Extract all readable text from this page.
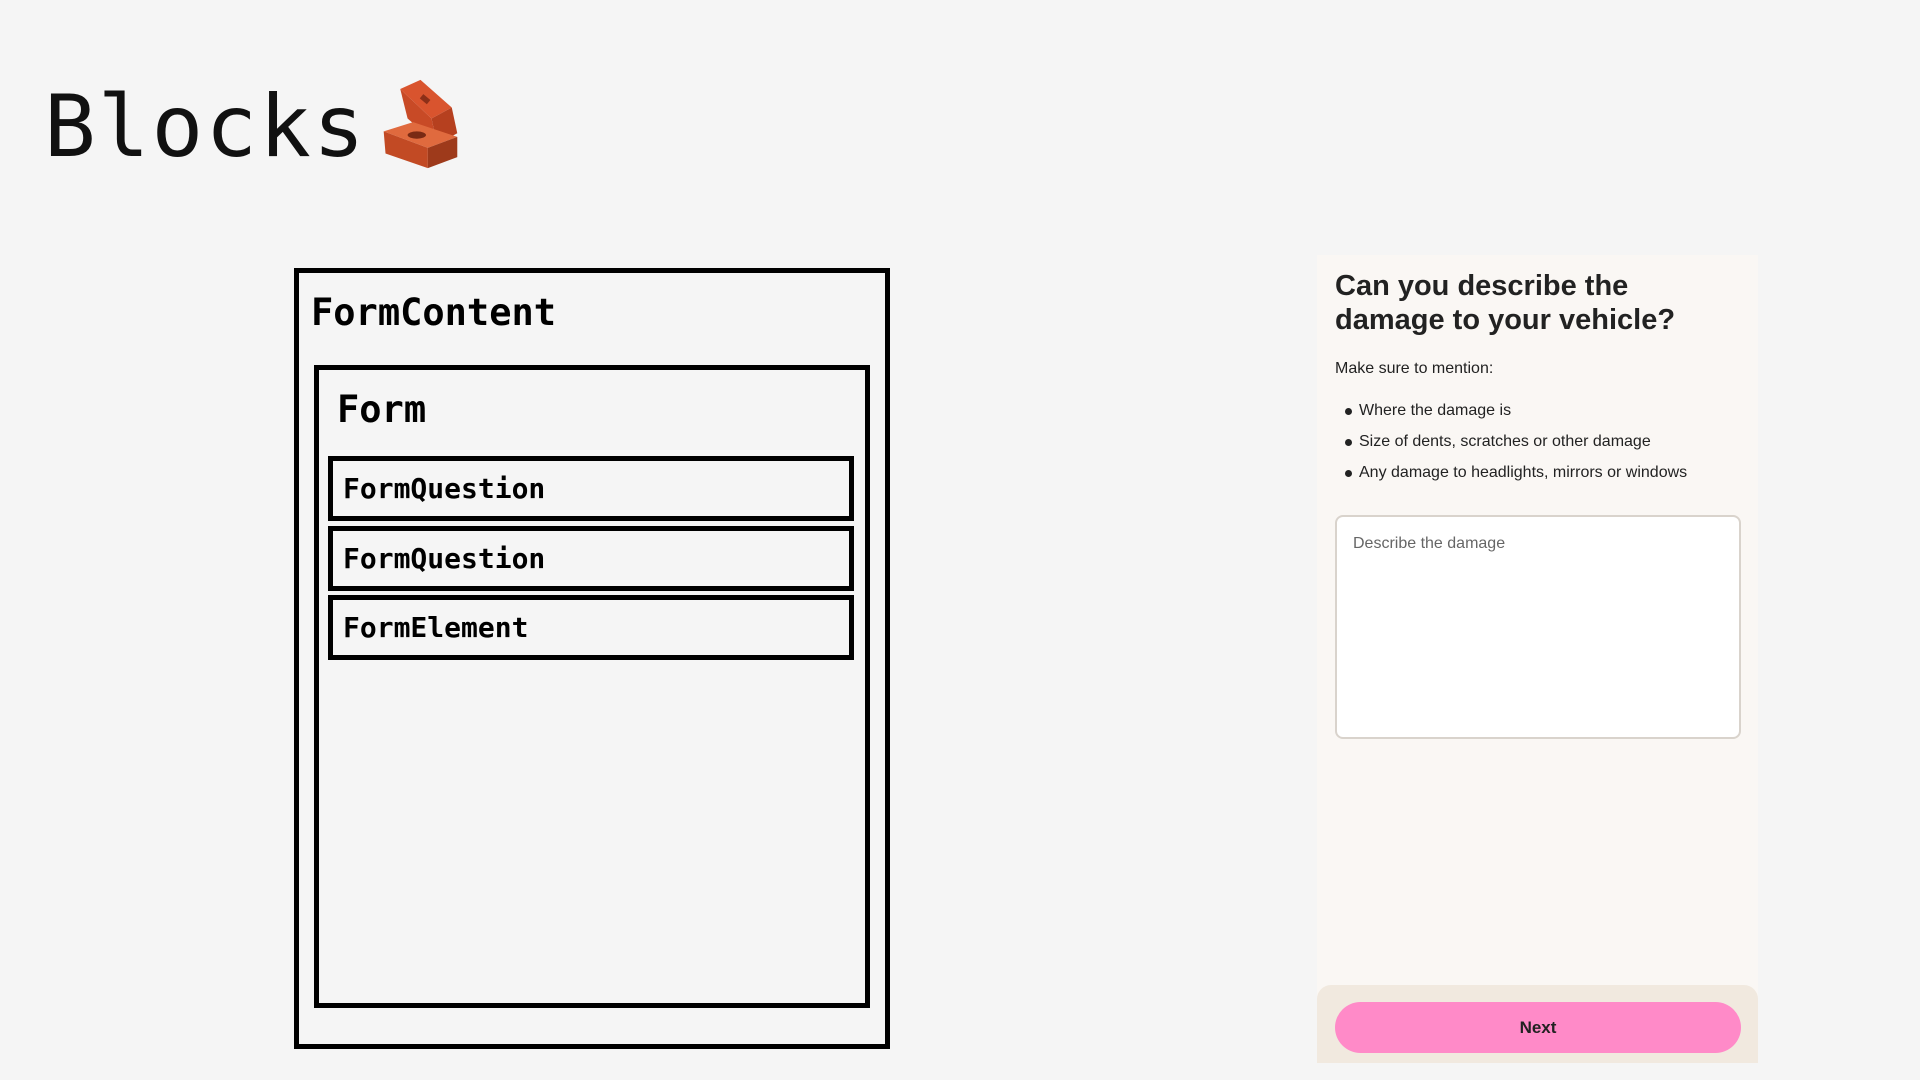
Blocks
FormContent
Form
FormQuestion
FormQuestion
FormElement
Can you describe the damage to your vehicle?
Make sure to mention:
Where the damage is
Size of dents, scratches or other damage
Any damage to headlights, mirrors or windows
Describe the damage
Next
